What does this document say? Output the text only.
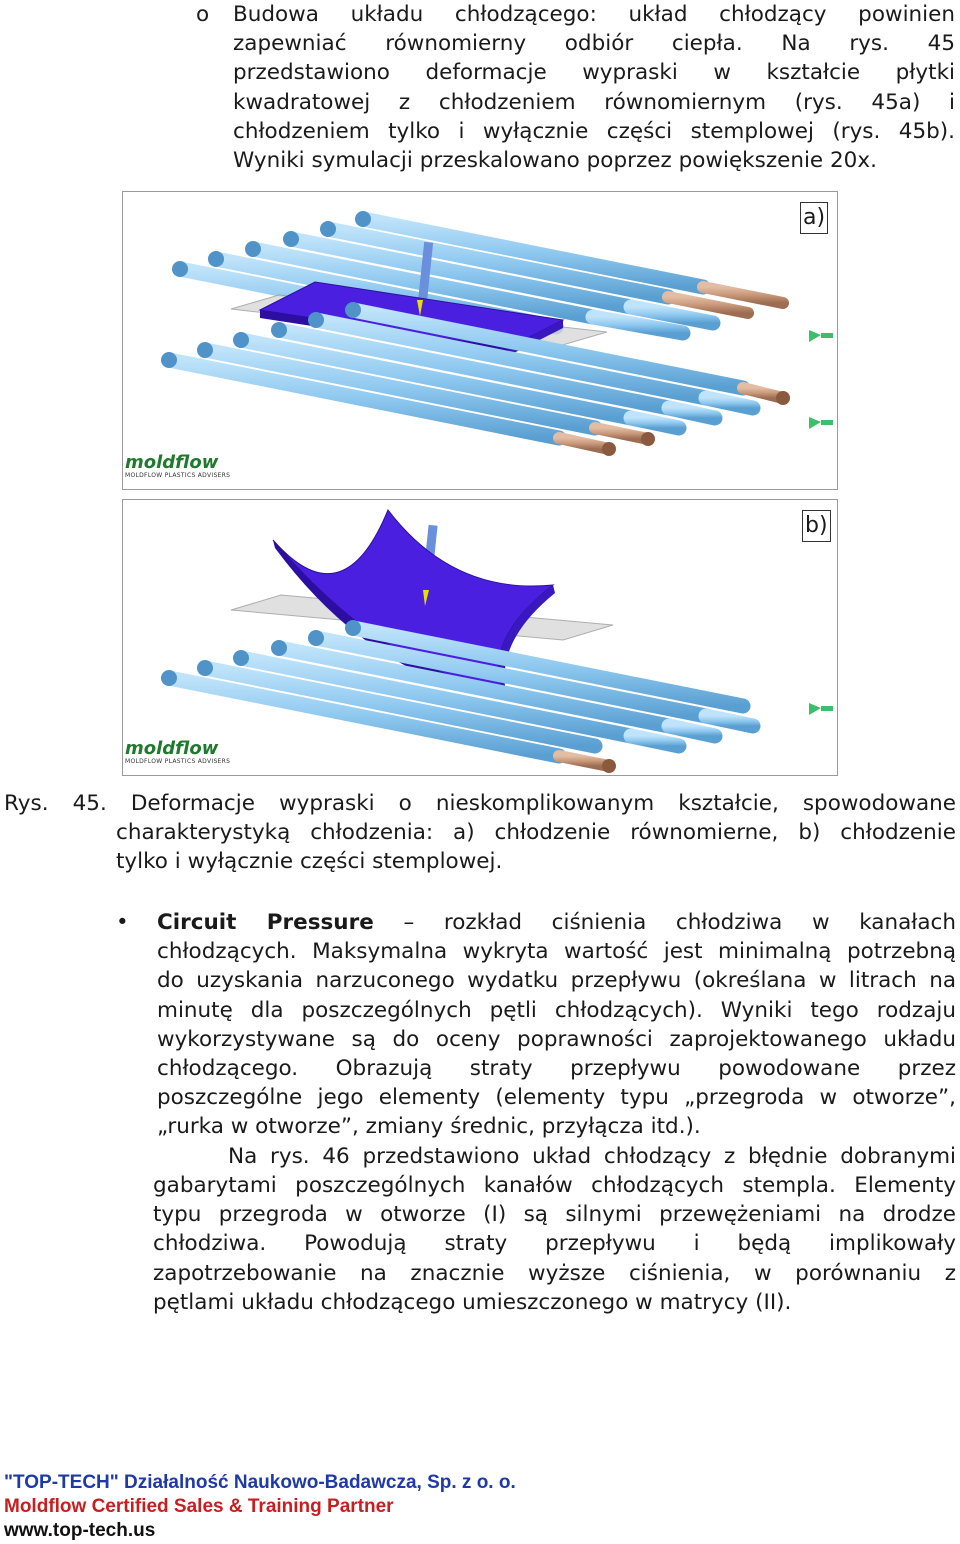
o Budowa układu chłodzącego: układ chłodzący powinien
zapewniać równomierny odbiór ciepła. Na rys. 45
przedstawiono deformacje wypraski w kształcie płytki
kwadratowej z chłodzeniem równomiernym (rys. 45a) i
chłodzeniem tylko i wyłącznie części stemplowej (rys. 45b).
Wyniki symulacji przeskalowano poprzez powiększenie 20x.
a)
moldflow
MOLDFLOW PLASTICS ADVISERS
b)
moldflow
MOLDFLOW PLASTICS ADVISERS
Rys. 45. Deformacje wypraski o nieskomplikowanym kształcie, spowodowane
charakterystyką chłodzenia: a) chłodzenie równomierne, b) chłodzenie
tylko i wyłącznie części stemplowej.
• Circuit Pressure – rozkład ciśnienia chłodziwa w kanałach
chłodzących. Maksymalna wykryta wartość jest minimalną potrzebną
do uzyskania narzuconego wydatku przepływu (określana w litrach na
minutę dla poszczególnych pętli chłodzących). Wyniki tego rodzaju
wykorzystywane są do oceny poprawności zaprojektowanego układu
chłodzącego. Obrazują straty przepływu powodowane przez
poszczególne jego elementy (elementy typu „przegroda w otworze”,
„rurka w otworze”, zmiany średnic, przyłącza itd.).
Na rys. 46 przedstawiono układ chłodzący z błędnie dobranymi
gabarytami poszczególnych kanałów chłodzących stempla. Elementy
typu przegroda w otworze (I) są silnymi przewężeniami na drodze
chłodziwa. Powodują straty przepływu i będą implikowały
zapotrzebowanie na znacznie wyższe ciśnienia, w porównaniu z
pętlami układu chłodzącego umieszczonego w matrycy (II).
"TOP-TECH" Działalność Naukowo-Badawcza, Sp. z o. o.
Moldflow Certified Sales & Training Partner
www.top-tech.us
